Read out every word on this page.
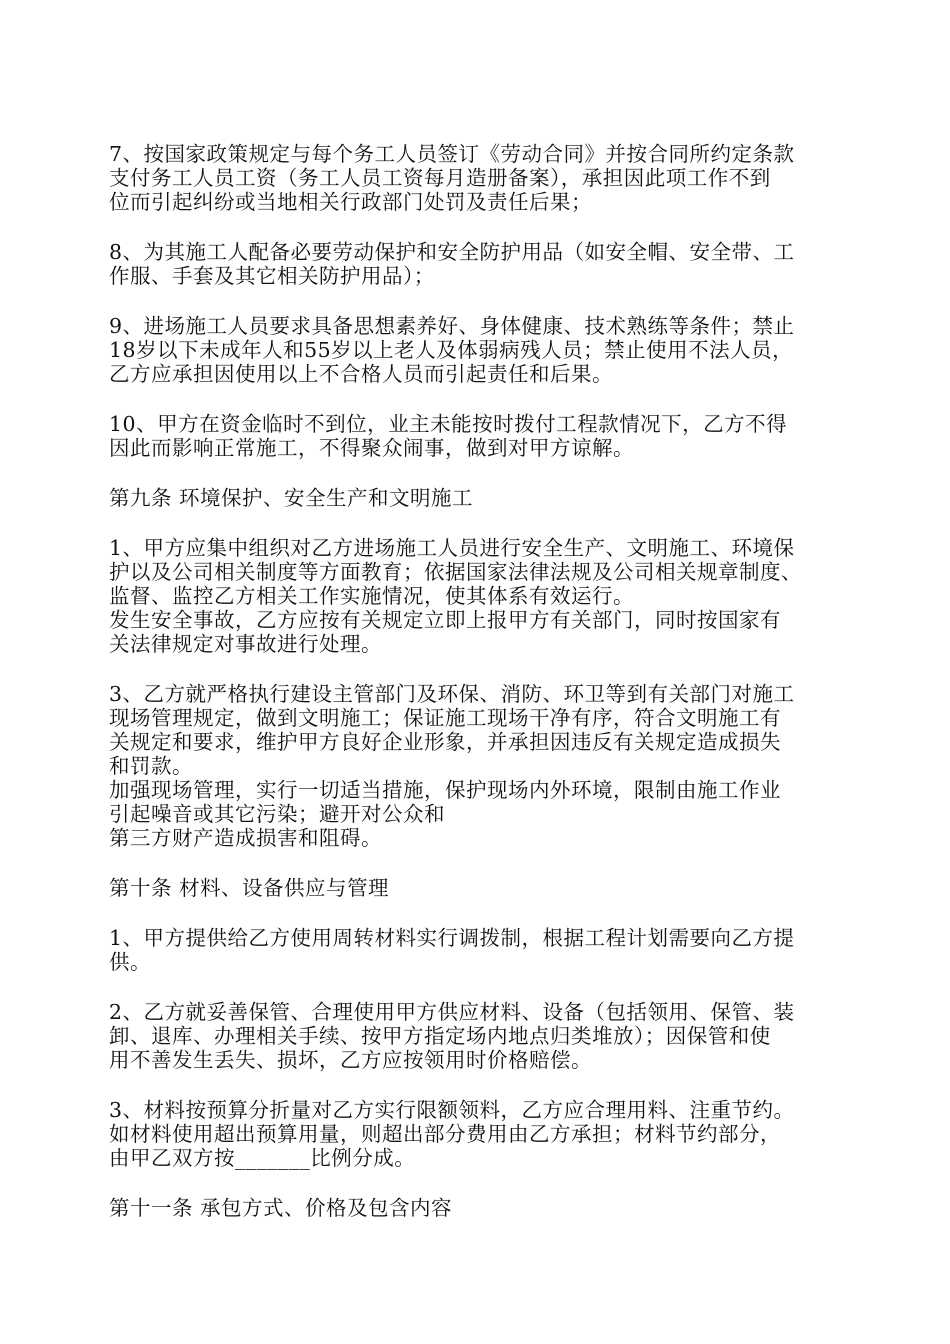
7、按国家政策规定与每个务工人员签订《劳动合同》并按合同所约定条款
支付务工人员工资（务工人员工资每月造册备案），承担因此项工作不到
位而引起纠纷或当地相关行政部门处罚及责任后果；
8、为其施工人配备必要劳动保护和安全防护用品（如安全帽、安全带、工
作服、手套及其它相关防护用品）；
9、进场施工人员要求具备思想素养好、身体健康、技术熟练等条件；禁止
18岁以下未成年人和55岁以上老人及体弱病残人员；禁止使用不法人员，
乙方应承担因使用以上不合格人员而引起责任和后果。
10、甲方在资金临时不到位，业主未能按时拨付工程款情况下，乙方不得
因此而影响正常施工，不得聚众闹事，做到对甲方谅解。
第九条 环境保护、安全生产和文明施工
1、甲方应集中组织对乙方进场施工人员进行安全生产、文明施工、环境保
护以及公司相关制度等方面教育；依据国家法律法规及公司相关规章制度、
监督、监控乙方相关工作实施情况，使其体系有效运行。
发生安全事故，乙方应按有关规定立即上报甲方有关部门，同时按国家有
关法律规定对事故进行处理。
3、乙方就严格执行建设主管部门及环保、消防、环卫等到有关部门对施工
现场管理规定，做到文明施工；保证施工现场干净有序，符合文明施工有
关规定和要求，维护甲方良好企业形象，并承担因违反有关规定造成损失
和罚款。
加强现场管理，实行一切适当措施，保护现场内外环境，限制由施工作业
引起噪音或其它污染；避开对公众和
第三方财产造成损害和阻碍。
第十条 材料、设备供应与管理
1、甲方提供给乙方使用周转材料实行调拨制，根据工程计划需要向乙方提
供。
2、乙方就妥善保管、合理使用甲方供应材料、设备（包括领用、保管、装
卸、退库、办理相关手续、按甲方指定场内地点归类堆放）；因保管和使
用不善发生丢失、损坏，乙方应按领用时价格赔偿。
3、材料按预算分折量对乙方实行限额领料，乙方应合理用料、注重节约。
如材料使用超出预算用量，则超出部分费用由乙方承担；材料节约部分，
由甲乙双方按_______比例分成。
第十一条 承包方式、价格及包含内容
